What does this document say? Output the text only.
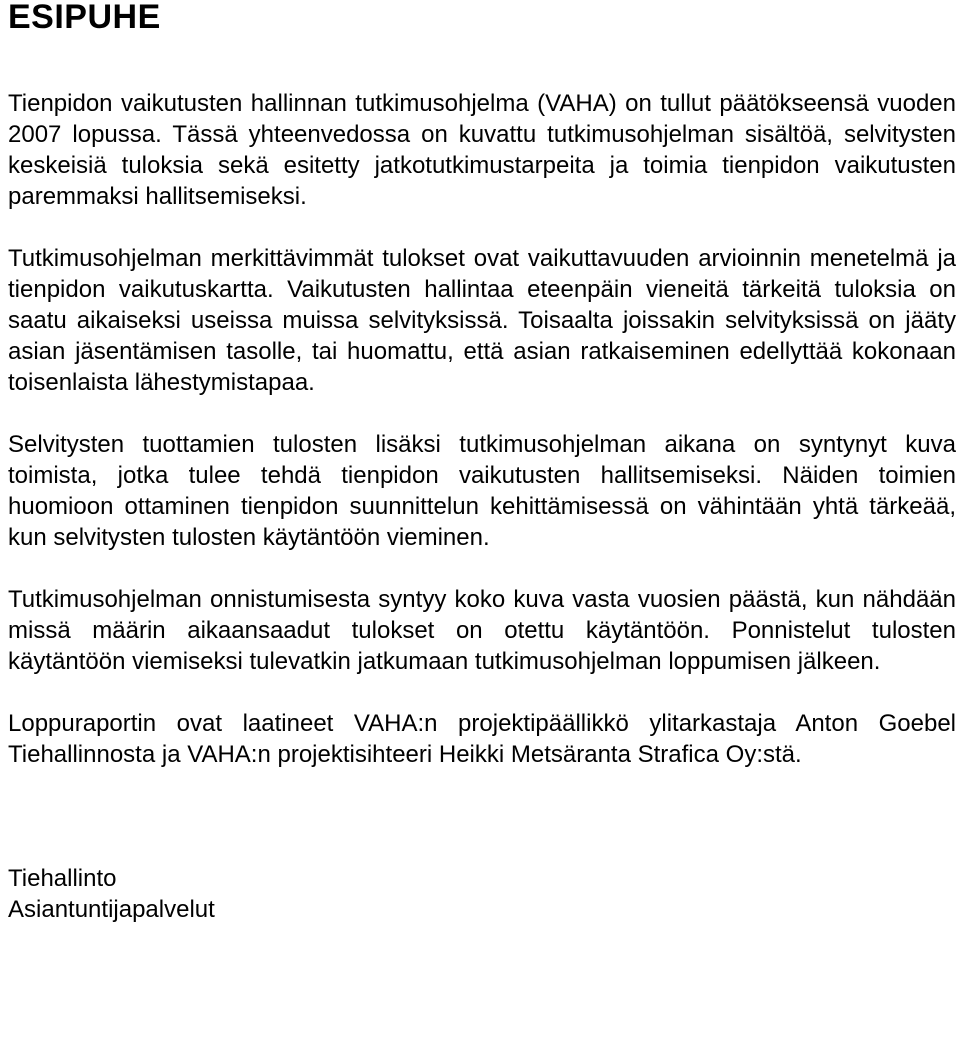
ESIPUHE

Tienpidon vaikutusten hallinnan tutkimusohjelma (VAHA) on tullut päätökseensä vuoden 2007 lopussa. Tässä yhteenvedossa on kuvattu tutkimusohjelman sisältöä, selvitysten keskeisiä tuloksia sekä esitetty jatkotutkimustarpeita ja toimia tienpidon vaikutusten paremmaksi hallitsemiseksi.

Tutkimusohjelman merkittävimmät tulokset ovat vaikuttavuuden arvioinnin menetelmä ja tienpidon vaikutuskartta. Vaikutusten hallintaa eteenpäin vieneitä tärkeitä tuloksia on saatu aikaiseksi useissa muissa selvityksissä. Toisaalta joissakin selvityksissä on jääty asian jäsentämisen tasolle, tai huomattu, että asian ratkaiseminen edellyttää kokonaan toisenlaista lähestymistapaa.

Selvitysten tuottamien tulosten lisäksi tutkimusohjelman aikana on syntynyt kuva toimista, jotka tulee tehdä tienpidon vaikutusten hallitsemiseksi. Näiden toimien huomioon ottaminen tienpidon suunnittelun kehittämisessä on vähintään yhtä tärkeää, kun selvitysten tulosten käytäntöön vieminen.

Tutkimusohjelman onnistumisesta syntyy koko kuva vasta vuosien päästä, kun nähdään missä määrin aikaansaadut tulokset on otettu käytäntöön. Ponnistelut tulosten käytäntöön viemiseksi tulevatkin jatkumaan tutkimusohjelman loppumisen jälkeen.

Loppuraportin ovat laatineet VAHA:n projektipäällikkö ylitarkastaja Anton Goebel Tiehallinnosta ja VAHA:n projektisihteeri Heikki Metsäranta Strafica Oy:stä.

Tiehallinto
Asiantuntijapalvelut
